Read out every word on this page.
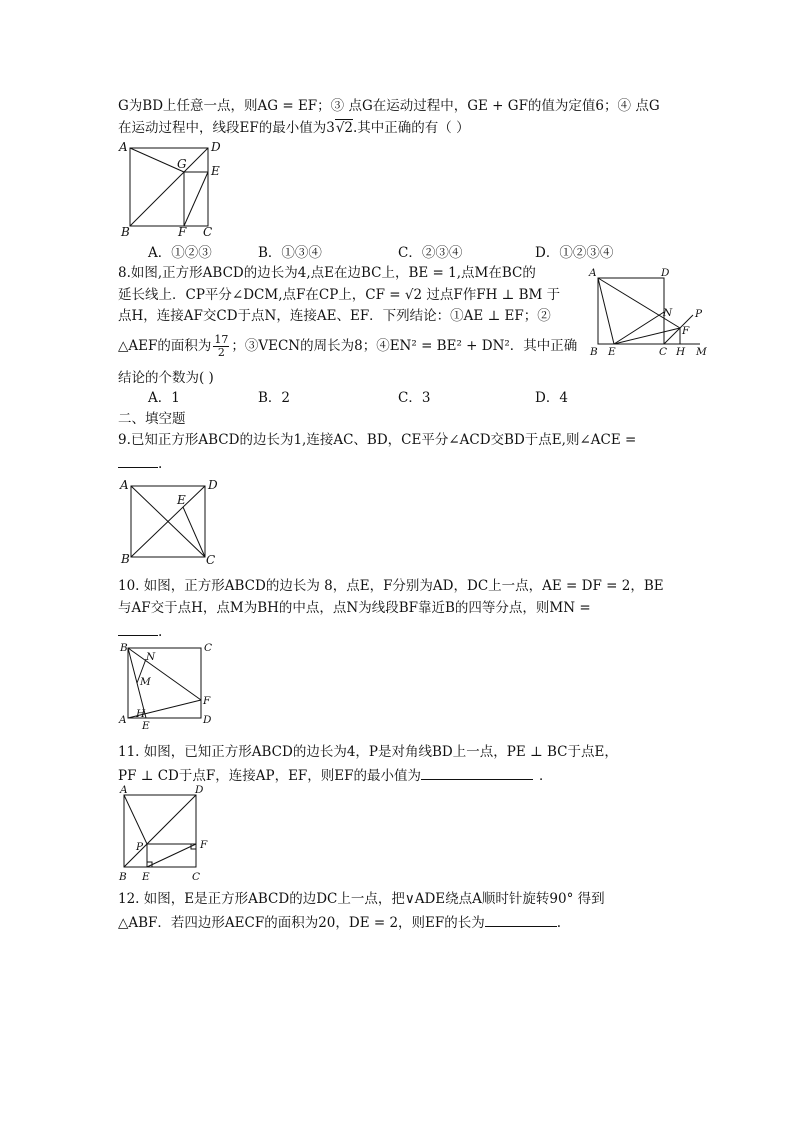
G为BD上任意一点，则AG = EF；③ 点G在运动过程中，GE + GF的值为定值6；④ 点G
在运动过程中，线段EF的最小值为3√2.其中正确的有（ ）
A	D
G E
B	F C
A．①②③	B．①③④	C．②③④	D．①②③④
8.如图,正方形ABCD的边长为4,点E在边BC上，BE = 1,点M在BC的
延长线上．CP平分∠DCM,点F在CP上，CF = √2 过点F作FH ⊥ BM 于
点H，连接AF交CD于点N，连接AE、EF．下列结论：①AE ⊥ EF；②
△AEF的面积为 $\frac{17}{2}$ ；③VECN的周长为8；④EN² = BE² + DN²．其中正确
结论的个数为( )
A	D
N P
F
B E	C H M
A．1	B．2	C．3	D．4
二、填空题
9.已知正方形ABCD的边长为1,连接AC、BD，CE平分∠ACD交BD于点E,则∠ACE =
.
A	D
E
B	C
10. 如图，正方形ABCD的边长为 8，点E，F分别为AD，DC上一点，AE = DF = 2，BE
与AF交于点H，点M为BH的中点，点N为线段BF靠近B的四等分点，则MN =
.
B
N
C
M
F
H
A E	D
11. 如图，已知正方形ABCD的边长为4，P是对角线BD上一点，PE ⊥ BC于点E，
PF ⊥ CD于点F，连接AP，EF，则EF的最小值为	．
A	D
P	F
B E	C
12. 如图，E是正方形ABCD的边DC上一点，把∨ADE绕点A顺时针旋转90° 得到
△ABF．若四边形AECF的面积为20，DE = 2，则EF的长为	.
